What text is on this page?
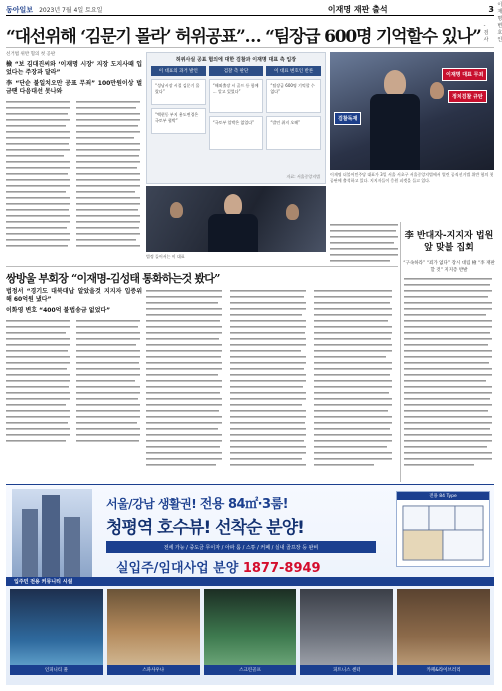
동아일보 2023년 7월 4일 토요일	이재명 재판 출석	3
“대선위해 ‘김문기 몰라’ 허위공표”… “팀장급 600명 기억할수 있나”
-검사
이재명 변호인
선거법 위반 혐의 첫 공판
檢 “보 김대진씨와 ‘이재명 시장’ 지장 도지사때 입었다는 주장과 달라”
李 “단순 불일치오만 공표 무죄” 100만원이상 벌금땐 다음대선 못나와
허위사실 공표 혐의에 대한 검찰과 이재명 대표 측 입장
이 대표의 과거 발언
“성남시장 시절 김문기 몰랐다”
“백현동 부지 용도변경은 국토부 협박”
검찰 측 판단
“해외출장 시 골프 등 함께 … 알고 있었다”
“국토부 압박은 없었다”
이 대표 변호인 반론
“팀장급 600명 기억할 수 없다”
“발언 취지 오해”
자료: 서울중앙지법
이재명 대표 무죄
정치검찰 규탄
검찰독재
이재명 더불어민주당 대표가 3일 서울 서초구 서울중앙지법에서 열린 공직선거법 위반 혐의 첫 공판에 출석하고 있다. 지지자들이 응원 피켓을 들고 있다.
법정 들어서는 이 대표
李 반대자-지지자 법원앞 맞불 집회
“구속하라” “죄가 없다” 장시 대립 檢 “李 재판할 것” 지지층 반발
쌍방울 부회장 “이재명-김성태 통화하는것 봤다”
법정서 “경기도 대북대납 알았을것 지지자 입증위해 60억원 냈다”
이화영 변호 “400억 불법송금 없었다”
서울/강남 생활권! 전용 84㎡·3룸!
청평역 호수뷰! 선착순 분양!
전세 가능 / 중도금 무이자 / 아파 룸 / 스튜 / 커페 / 실내 골프장 등 완비
실입주/임대사업 분양 1877-8949
전용 84 Type
입주민 전용 커뮤니티 시설
인피니티 풀	스파사우나	스크린골프	피트니스 센터	카페&라이브러리
